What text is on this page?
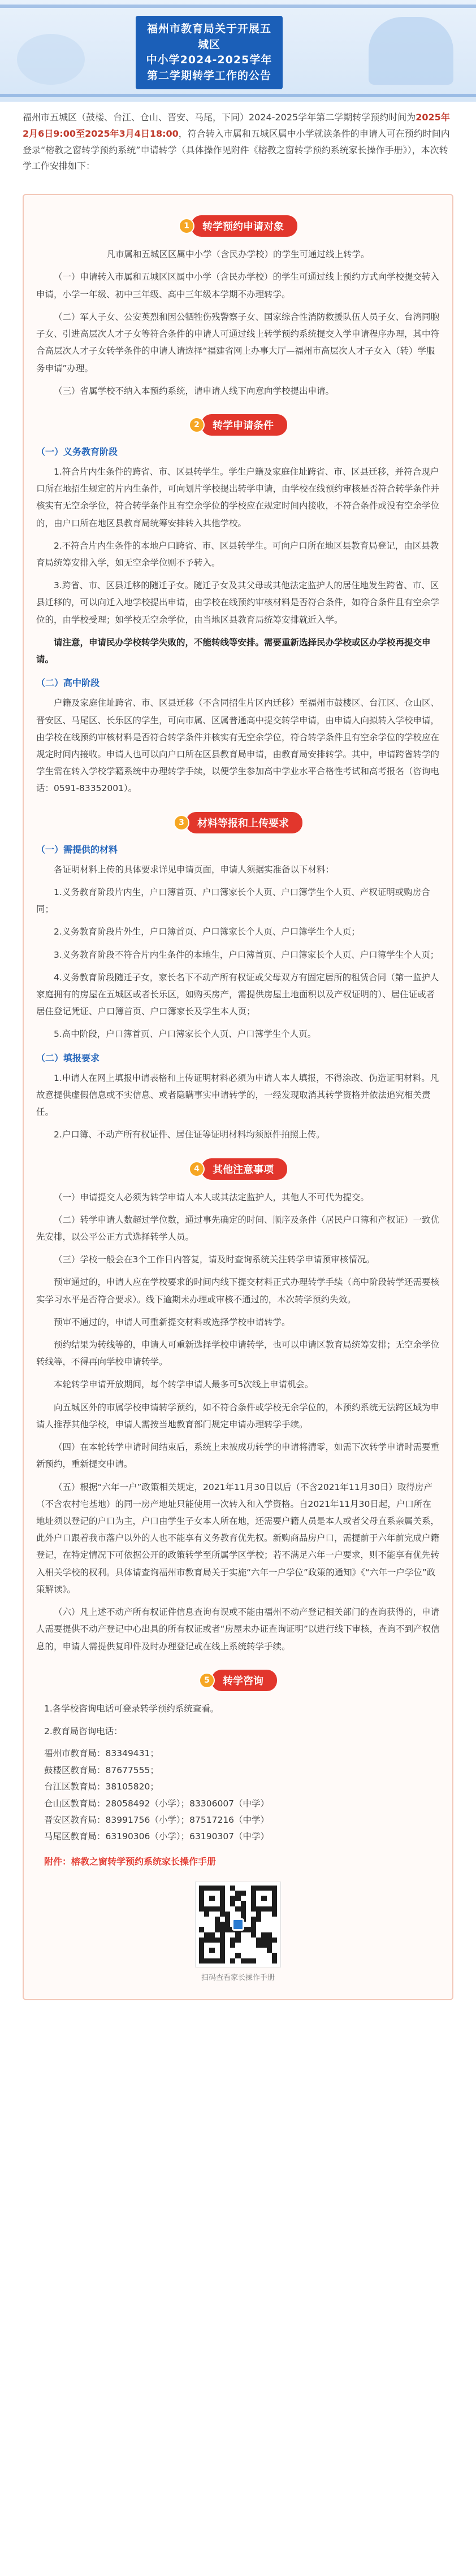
福州市教育局关于开展五城区
中小学2024-2025学年
第二学期转学工作的公告
福州市五城区（鼓楼、台江、仓山、晋安、马尾，下同）2024-2025学年第二学期转学预约时间为2025年2月6日9:00至2025年3月4日18:00，符合转入市属和五城区属中小学就读条件的申请人可在预约时间内登录“榕教之窗转学预约系统”申请转学（具体操作见附件《榕教之窗转学预约系统家长操作手册》），本次转学工作安排如下：
1	转学预约申请对象

凡市属和五城区区属中小学（含民办学校）的学生可通过线上转学。

（一）申请转入市属和五城区区属中小学（含民办学校）的学生可通过线上预约方式向学校提交转入申请，小学一年级、初中三年级、高中三年级本学期不办理转学。

（二）军人子女、公安英烈和因公牺牲伤残警察子女、国家综合性消防救援队伍人员子女、台湾同胞子女、引进高层次人才子女等符合条件的申请人可通过线上转学预约系统提交入学申请程序办理，其中符合高层次人才子女转学条件的申请人请选择“福建省网上办事大厅—福州市高层次人才子女入（转）学服务申请”办理。

（三）省属学校不纳入本预约系统，请申请人线下向意向学校提出申请。

2	转学申请条件
（一）义务教育阶段

1.符合片内生条件的跨省、市、区县转学生。学生户籍及家庭住址跨省、市、区县迁移，并符合现户口所在地招生规定的片内生条件，可向划片学校提出转学申请，由学校在线预约审核是否符合转学条件并核实有无空余学位，符合转学条件且有空余学位的学校应在规定时间内接收，不符合条件或没有空余学位的，由户口所在地区县教育局统筹安排转入其他学校。

2.不符合片内生条件的本地户口跨省、市、区县转学生。可向户口所在地区县教育局登记，由区县教育局统筹安排入学，如无空余学位则不予转入。

3.跨省、市、区县迁移的随迁子女。随迁子女及其父母或其他法定监护人的居住地发生跨省、市、区县迁移的，可以向迁入地学校提出申请，由学校在线预约审核材料是否符合条件，如符合条件且有空余学位的，由学校受理；如学校无空余学位，由当地区县教育局统筹安排就近入学。

请注意，申请民办学校转学失败的，不能转线等安排。需要重新选择民办学校或区办学校再提交申请。

（二）高中阶段

户籍及家庭住址跨省、市、区县迁移（不含同招生片区内迁移）至福州市鼓楼区、台江区、仓山区、晋安区、马尾区、长乐区的学生，可向市属、区属普通高中提交转学申请，由申请人向拟转入学校申请，由学校在线预约审核材料是否符合转学条件并核实有无空余学位，符合转学条件且有空余学位的学校应在规定时间内接收。申请人也可以向户口所在区县教育局申请，由教育局安排转学。其中，申请跨省转学的学生需在转入学校学籍系统中办理转学手续，以便学生参加高中学业水平合格性考试和高考报名（咨询电话：0591-83352001）。

3	材料等报和上传要求
（一）需提供的材料

各证明材料上传的具体要求详见申请页面，申请人须据实准备以下材料：

1.义务教育阶段片内生，户口簿首页、户口簿家长个人页、户口簿学生个人页、产权证明或购房合同；

2.义务教育阶段片外生，户口簿首页、户口簿家长个人页、户口簿学生个人页；

3.义务教育阶段不符合片内生条件的本地生，户口簿首页、户口簿家长个人页、户口簿学生个人页；

4.义务教育阶段随迁子女，家长名下不动产所有权证或父母双方有固定居所的租赁合同（第一监护人家庭拥有的房屋在五城区或者长乐区，如购买房产，需提供房屋土地面积以及产权证明的）、居住证或者居住登记凭证、户口簿首页、户口簿家长及学生本人页；

5.高中阶段，户口簿首页、户口簿家长个人页、户口簿学生个人页。

（二）填报要求

1.申请人在网上填报申请表格和上传证明材料必须为申请人本人填报，不得涂改、伪造证明材料。凡故意提供虚假信息或不实信息、或者隐瞒事实申请转学的，一经发现取消其转学资格并依法追究相关责任。

2.户口簿、不动产所有权证件、居住证等证明材料均须原件拍照上传。

4	其他注意事项

（一）申请提交人必须为转学申请人本人或其法定监护人，其他人不可代为提交。

（二）转学申请人数超过学位数，通过事先确定的时间、顺序及条件（居民户口簿和产权证）一致优先安排，以公平公正方式选择转学人员。

（三）学校一般会在3个工作日内答复，请及时查询系统关注转学申请预审核情况。

预审通过的，申请人应在学校要求的时间内线下提交材料正式办理转学手续（高中阶段转学还需要核实学习水平是否符合要求）。线下逾期未办理或审核不通过的，本次转学预约失效。

预审不通过的，申请人可重新提交材料或选择学校申请转学。

预约结果为转线等的，申请人可重新选择学校申请转学，也可以申请区教育局统筹安排；无空余学位转线等，不得再向学校申请转学。

本轮转学申请开放期间，每个转学申请人最多可5次线上申请机会。

向五城区外的市属学校申请转学预约，如不符合条件或学校无余学位的，本预约系统无法跨区域为申请人推荐其他学校，申请人需按当地教育部门规定申请办理转学手续。

（四）在本轮转学申请时间结束后，系统上未被成功转学的申请将清零，如需下次转学申请时需要重新预约，重新提交申请。

（五）根据“六年一户”政策相关规定，2021年11月30日以后（不含2021年11月30日）取得房产（不含农村宅基地）的同一房产地址只能使用一次转入和入学资格。自2021年11月30日起，户口所在地址须以登记的户口为主，户口由学生子女本人所在地，还需要户籍人员是本人或者父母直系亲属关系，此外户口跟着我市落户以外的人也不能享有义务教育优先权。新购商品房户口，需提前于六年前完成户籍登记，在特定情况下可依据公开的政策转学至所属学区学校；若不满足六年一户要求，则不能享有优先转入相关学校的权利。具体请查询福州市教育局关于实施“六年一户学位”政策的通知》《“六年一户学位”政策解读》。

（六）凡上述不动产所有权证件信息查询有误或不能由福州不动产登记相关部门的查询获得的，申请人需要提供不动产登记中心出具的所有权证或者“房屋未办证查询证明”以进行线下审核，查询不到产权信息的，申请人需提供复印件及时办理登记或在线上系统转学手续。

5	转学咨询

1.各学校咨询电话可登录转学预约系统查看。

2.教育局咨询电话：

福州市教育局：83349431；
鼓楼区教育局：87677555；
台江区教育局：38105820；
仓山区教育局：28058492（小学）；83306007（中学）
晋安区教育局：83991756（小学）；87517216（中学）
马尾区教育局：63190306（小学）；63190307（中学）
附件：榕教之窗转学预约系统家长操作手册
扫码查看家长操作手册
